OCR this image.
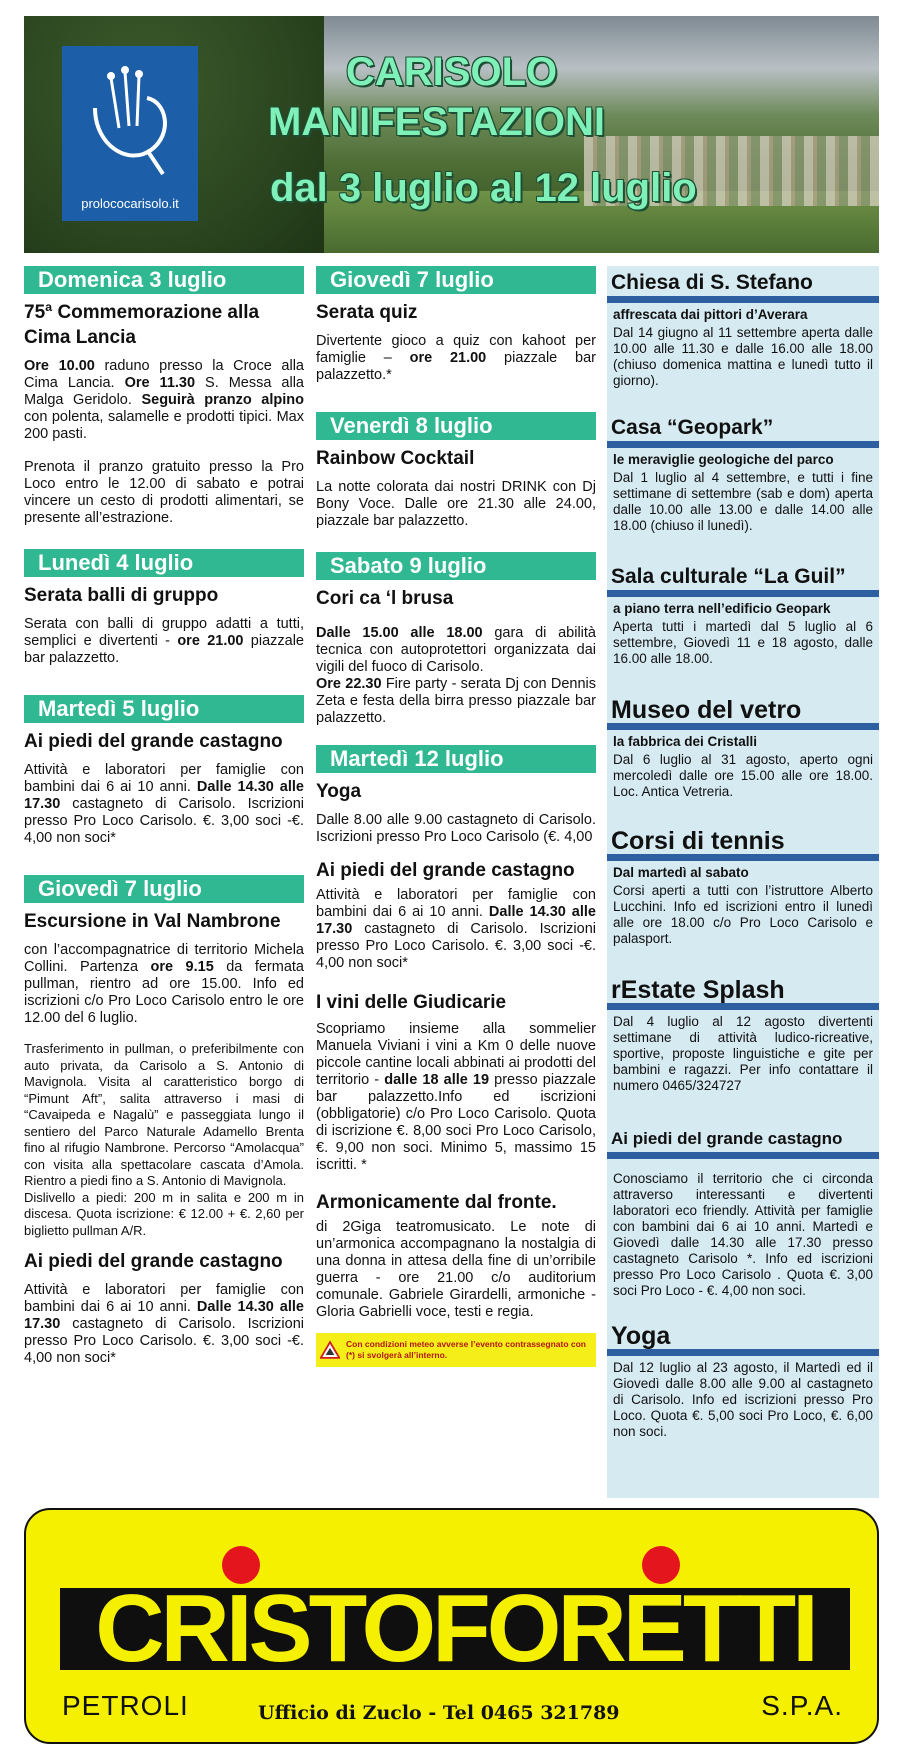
prolococarisolo.it
CARISOLO
MANIFESTAZIONI
dal 3 luglio al 12 luglio
Domenica 3 luglio
75ª Commemorazione alla Cima Lancia
Ore 10.00 raduno presso la Croce alla Cima Lancia. Ore 11.30 S. Messa alla Malga Geridolo. Seguirà pranzo alpino con polenta, salamelle e prodotti tipici. Max 200 pasti.
Prenota il pranzo gratuito presso la Pro Loco entro le 12.00 di sabato e potrai vincere un cesto di prodotti alimentari, se presente all’estrazione.
Lunedì 4 luglio
Serata balli di gruppo
Serata con balli di gruppo adatti a tutti, semplici e divertenti - ore 21.00 piazzale bar palazzetto.
Martedì 5 luglio
Ai piedi del grande castagno
Attività e laboratori per famiglie con bambini dai 6 ai 10 anni. Dalle 14.30 alle 17.30 castagneto di Carisolo. Iscrizioni presso Pro Loco Carisolo. €. 3,00 soci -€. 4,00 non soci*
Giovedì 7 luglio
Escursione in Val Nambrone
con l’accompagnatrice di territorio Michela Collini. Partenza ore 9.15 da fermata pullman, rientro ad ore 15.00. Info ed iscrizioni c/o Pro Loco Carisolo entro le ore 12.00 del 6 luglio.
Trasferimento in pullman, o preferibilmente con auto privata, da Carisolo a S. Antonio di Mavignola. Visita al caratteristico borgo di “Pimunt Aft”, salita attraverso i masi di “Cavaipeda e Nagalù” e passeggiata lungo il sentiero del Parco Naturale Adamello Brenta fino al rifugio Nambrone. Percorso “Amolacqua” con visita alla spettacolare cascata d’Amola. Rientro a piedi fino a S. Antonio di Mavignola.
Dislivello a piedi: 200 m in salita e 200 m in discesa. Quota iscrizione: € 12.00 + €. 2,60 per biglietto pullman A/R.
Ai piedi del grande castagno
Attività e laboratori per famiglie con bambini dai 6 ai 10 anni. Dalle 14.30 alle 17.30 castagneto di Carisolo. Iscrizioni presso Pro Loco Carisolo. €. 3,00 soci -€. 4,00 non soci*
Giovedì 7 luglio
Serata quiz
Divertente gioco a quiz con kahoot per famiglie – ore 21.00 piazzale bar palazzetto.*
Venerdì 8 luglio
Rainbow Cocktail
La notte colorata dai nostri DRINK con Dj Bony Voce. Dalle ore 21.30 alle 24.00, piazzale bar palazzetto.
Sabato 9 luglio
Cori ca ‘l brusa
Dalle 15.00 alle 18.00 gara di abilità tecnica con autoprotettori organizzata dai vigili del fuoco di Carisolo.
Ore 22.30 Fire party - serata Dj con Dennis Zeta e festa della birra presso piazzale bar palazzetto.
Martedì 12 luglio
Yoga
Dalle 8.00 alle 9.00 castagneto di Carisolo. Iscrizioni presso Pro Loco Carisolo (€. 4,00
Ai piedi del grande castagno
Attività e laboratori per famiglie con bambini dai 6 ai 10 anni. Dalle 14.30 alle 17.30 castagneto di Carisolo. Iscrizioni presso Pro Loco Carisolo. €. 3,00 soci -€. 4,00 non soci*
I vini delle Giudicarie
Scopriamo insieme alla sommelier Manuela Viviani i vini a Km 0 delle nuove piccole cantine locali abbinati ai prodotti del territorio - dalle 18 alle 19 presso piazzale bar palazzetto.Info ed iscrizioni (obbligatorie) c/o Pro Loco Carisolo. Quota di iscrizione €. 8,00 soci Pro Loco Carisolo, €. 9,00 non soci. Minimo 5, massimo 15 iscritti. *
Armonicamente dal fronte.
di 2Giga teatromusicato. Le note di un’armonica accompagnano la nostalgia di una donna in attesa della fine di un’orribile guerra - ore 21.00 c/o auditorium comunale. Gabriele Girardelli, armoniche - Gloria Gabrielli voce, testi e regia.
Con condizioni meteo avverse l’evento contrassegnato con (*) si svolgerà all’interno.
Chiesa di S. Stefano
affrescata dai pittori d’Averara
Dal 14 giugno al 11 settembre aperta dalle 10.00 alle 11.30 e dalle 16.00 alle 18.00 (chiuso domenica mattina e lunedì tutto il giorno).
Casa “Geopark”
le meraviglie geologiche del parco
Dal 1 luglio al 4 settembre, e tutti i fine settimane di settembre (sab e dom) aperta dalle 10.00 alle 13.00 e dalle 14.00 alle 18.00 (chiuso il lunedì).
Sala culturale “La Guil”
a piano terra nell’edificio Geopark
Aperta tutti i martedì dal 5 luglio al 6 settembre, Giovedì 11 e 18 agosto, dalle 16.00 alle 18.00.
Museo del vetro
la fabbrica dei Cristalli
Dal 6 luglio al 31 agosto, aperto ogni mercoledì dalle ore 15.00 alle ore 18.00. Loc. Antica Vetreria.
Corsi di tennis
Dal martedì al sabato
Corsi aperti a tutti con l’istruttore Alberto Lucchini. Info ed iscrizioni entro il lunedì alle ore 18.00 c/o Pro Loco Carisolo e palasport.
rEstate Splash
Dal 4 luglio al 12 agosto divertenti settimane di attività ludico-ricreative, sportive, proposte linguistiche e gite per bambini e ragazzi. Per info contattare il numero 0465/324727
Ai piedi del grande castagno
Conosciamo il territorio che ci circonda attraverso interessanti e divertenti laboratori eco friendly. Attività per famiglie con bambini dai 6 ai 10 anni. Martedì e Giovedì dalle 14.30 alle 17.30 presso castagneto Carisolo *. Info ed iscrizioni presso Pro Loco Carisolo . Quota €. 3,00 soci Pro Loco - €. 4,00 non soci.
Yoga
Dal 12 luglio al 23 agosto, il Martedì ed il Giovedì dalle 8.00 alle 9.00 al castagneto di Carisolo. Info ed iscrizioni presso Pro Loco. Quota €. 5,00 soci Pro Loco, €. 6,00 non soci.
CRISTOFORETTI
PETROLI	Ufficio di Zuclo - Tel 0465 321789	S.P.A.
